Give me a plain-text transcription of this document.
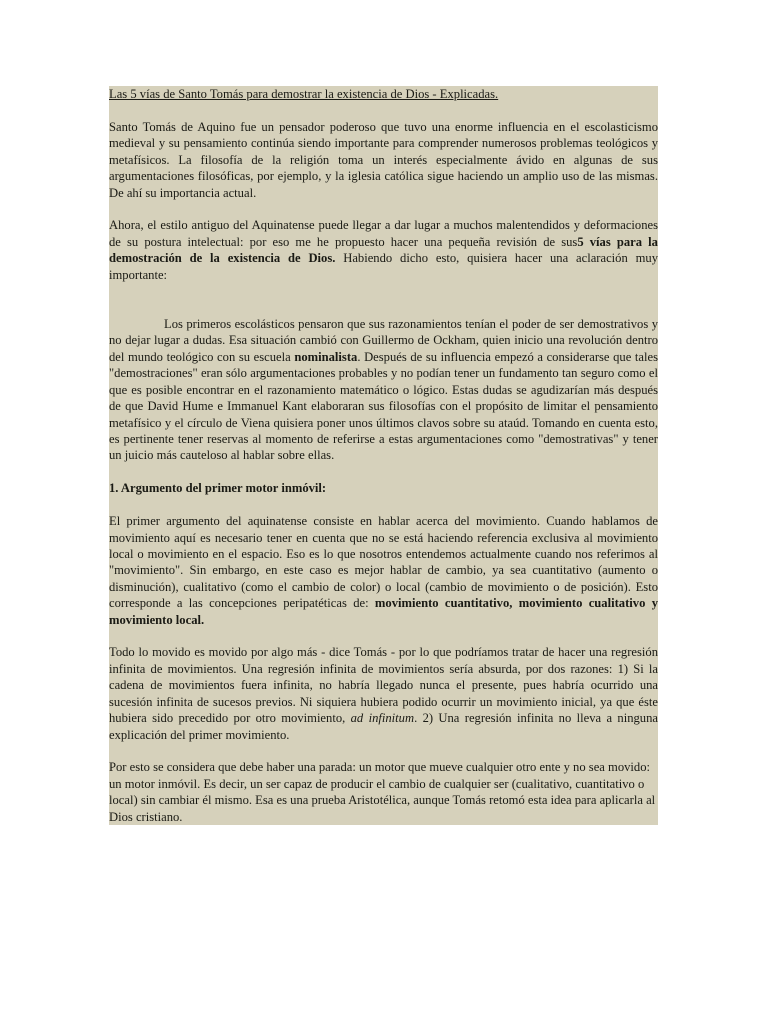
Las 5 vías de Santo Tomás para demostrar la existencia de Dios - Explicadas.

Santo Tomás de Aquino fue un pensador poderoso que tuvo una enorme influencia en el escolasticismo medieval y su pensamiento continúa siendo importante para comprender numerosos problemas teológicos y metafísicos. La filosofía de la religión toma un interés especialmente ávido en algunas de sus argumentaciones filosóficas, por ejemplo, y la iglesia católica sigue haciendo un amplio uso de las mismas. De ahí su importancia actual.

Ahora, el estilo antiguo del Aquinatense puede llegar a dar lugar a muchos malentendidos y deformaciones de su postura intelectual: por eso me he propuesto hacer una pequeña revisión de sus5 vías para la demostración de la existencia de Dios. Habiendo dicho esto, quisiera hacer una aclaración muy importante:

Los primeros escolásticos pensaron que sus razonamientos tenían el poder de ser demostrativos y no dejar lugar a dudas. Esa situación cambió con Guillermo de Ockham, quien inicio una revolución dentro del mundo teológico con su escuela nominalista. Después de su influencia empezó a considerarse que tales "demostraciones" eran sólo argumentaciones probables y no podían tener un fundamento tan seguro como el que es posible encontrar en el razonamiento matemático o lógico. Estas dudas se agudizarían más después de que David Hume e Immanuel Kant elaboraran sus filosofías con el propósito de limitar el pensamiento metafísico y el círculo de Viena quisiera poner unos últimos clavos sobre su ataúd. Tomando en cuenta esto, es pertinente tener reservas al momento de referirse a estas argumentaciones como "demostrativas" y tener un juicio más cauteloso al hablar sobre ellas.

1. Argumento del primer motor inmóvil:

El primer argumento del aquinatense consiste en hablar acerca del movimiento. Cuando hablamos de movimiento aquí es necesario tener en cuenta que no se está haciendo referencia exclusiva al movimiento local o movimiento en el espacio. Eso es lo que nosotros entendemos actualmente cuando nos referimos al "movimiento". Sin embargo, en este caso es mejor hablar de cambio, ya sea cuantitativo (aumento o disminución), cualitativo (como el cambio de color) o local (cambio de movimiento o de posición). Esto corresponde a las concepciones peripatéticas de: movimiento cuantitativo, movimiento cualitativo y movimiento local.

Todo lo movido es movido por algo más - dice Tomás - por lo que podríamos tratar de hacer una regresión infinita de movimientos. Una regresión infinita de movimientos sería absurda, por dos razones: 1) Si la cadena de movimientos fuera infinita, no habría llegado nunca el presente, pues habría ocurrido una sucesión infinita de sucesos previos. Ni siquiera hubiera podido ocurrir un movimiento inicial, ya que éste hubiera sido precedido por otro movimiento, ad infinitum. 2) Una regresión infinita no lleva a ninguna explicación del primer movimiento.

Por esto se considera que debe haber una parada: un motor que mueve cualquier otro ente y no sea movido: un motor inmóvil. Es decir, un ser capaz de producir el cambio de cualquier ser (cualitativo, cuantitativo o local) sin cambiar él mismo. Esa es una prueba Aristotélica, aunque Tomás retomó esta idea para aplicarla al Dios cristiano.
